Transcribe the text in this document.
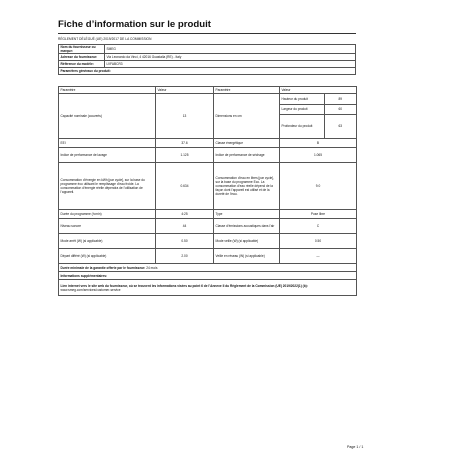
Fiche d’information sur le produit
RÈGLEMENT DÉLÉGUÉ (UE) 2019/2017 DE LA COMMISSION
Nom du fournisseur ou marque:	SMEG
Adresse du fournisseur:	Via Leonardo da Vinci, 4 42016 Guastalla (RE) - Italy
Référence du modèle:	LVFABCR3
Paramètres généraux du produit:	
Paramètre	Valeur	Paramètre	Valeur
Capacité nominale (couverts)	13	Dimensions en cm	
Hauteur du produit	89
Largeur du produit	60
Profondeur du produit	63

EEI	37.6	Classe énergétique	B
Indice de performance de lavage	1.125	Indice de performance de séchage	1.065
Consommation d’énergie en kWh [par cycle], sur la base du programme éco utilisant le remplissage d’eau froide. La consommation d’énergie réelle dépendra de l’utilisation de l’appareil.	0.634	Consommation d’eau en litres [par cycle], sur la base du programme Eco. La consommation d’eau réelle dépend de la façon dont l’appareil est utilisé et de la dureté de l’eau.	9.0
Durée du programme (h:min)	4:25	Type	Pose libre
Niveau sonore	44	Classe d’émissions acoustiques dans l’air	C
Mode arrêt (W) (si applicable)	0.50	Mode veille (W) (si applicable)	0.50
Départ différé (W) (si applicable)	2.00	Veille en réseau (W) (si applicable)	—
Durée minimale de la garantie offerte par le fournisseur: 24 mois
Informations supplémentaires:
Lien internet vers le site web du fournisseur, où se trouvent les informations visées au point 6 de l’Annexe II du Règlement de la Commission (UE) 2019/2022(1) (b): www.smeg.com/services/customer-service
Page 1 / 1
